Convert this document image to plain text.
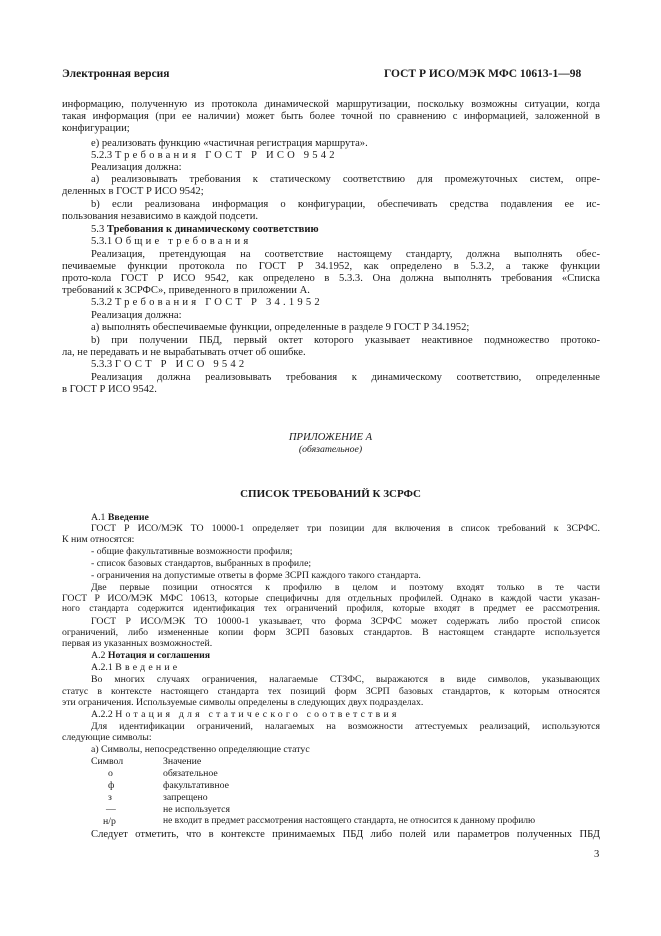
Электронная версия	ГОСТ Р ИСО/МЭК МФС 10613-1—98
информацию, полученную из протокола динамической маршрутизации, поскольку возможны ситуации, когда
такая информация (при ее наличии) может быть более точной по сравнению с информацией, заложенной в
конфигурации;
е) реализовать функцию «частичная регистрация маршрута».
5.2.3 Требования ГОСТ Р ИСО 9542
Реализация должна:
а) реализовывать требования к статическому соответствию для промежуточных систем, опре-
деленных в ГОСТ Р ИСО 9542;
b) если реализована информация о конфигурации, обеспечивать средства подавления ее ис-
пользования независимо в каждой подсети.
5.3 Требования к динамическому соответствию
5.3.1 Общие требования
Реализация, претендующая на соответствие настоящему стандарту, должна выполнять обес-
печиваемые функции протокола по ГОСТ Р 34.1952, как определено в 5.3.2, а также функции
прото-кола ГОСТ Р ИСО 9542, как определено в 5.3.3. Она должна выполнять требования «Списка
требований к ЗСРФС», приведенного в приложении А.
5.3.2 Требования ГОСТ Р 34.1952
Реализация должна:
а) выполнять обеспечиваемые функции, определенные в разделе 9 ГОСТ Р 34.1952;
b) при получении ПБД, первый октет которого указывает неактивное подмножество протоко-
ла, не передавать и не вырабатывать отчет об ошибке.
5.3.3 ГОСТ Р ИСО 9542
Реализация должна реализовывать требования к динамическому соответствию, определенные
в ГОСТ Р ИСО 9542.
ПРИЛОЖЕНИЕ А
(обязательное)
СПИСОК ТРЕБОВАНИЙ К ЗСРФС
А.1 Введение
ГОСТ Р ИСО/МЭК ТО 10000-1 определяет три позиции для включения в список требований к ЗСРФС.
К ним относятся:
- общие факультативные возможности профиля;
- список базовых стандартов, выбранных в профиле;
- ограничения на допустимые ответы в форме ЗСРП каждого такого стандарта.
Две первые позиции относятся к профилю в целом и поэтому входят только в те части
ГОСТ Р ИСО/МЭК МФС 10613, которые специфичны для отдельных профилей. Однако в каждой части указан-
ного стандарта содержится идентификация тех ограничений профиля, которые входят в предмет ее рассмотрения.
ГОСТ Р ИСО/МЭК ТО 10000-1 указывает, что форма ЗСРФС может содержать либо простой список
ограничений, либо измененные копии форм ЗСРП базовых стандартов. В настоящем стандарте используется
первая из указанных возможностей.
А.2 Нотация и соглашения
А.2.1 Введение
Во многих случаях ограничения, налагаемые СТЗФС, выражаются в виде символов, указывающих
статус в контексте настоящего стандарта тех позиций форм ЗСРП базовых стандартов, к которым относятся
эти ограничения. Используемые символы определены в следующих двух подразделах.
А.2.2 Нотация для статического соответствия
Для идентификации ограничений, налагаемых на возможности аттестуемых реализаций, используются
следующие символы:
а) Символы, непосредственно определяющие статус
Символ	Значение
о	обязательное
ф	факультативное
з	запрещено
—	не используется
н/р	не входит в предмет рассмотрения настоящего стандарта, не относится к данному профилю
Следует отметить, что в контексте принимаемых ПБД либо полей или параметров полученных ПБД
3
